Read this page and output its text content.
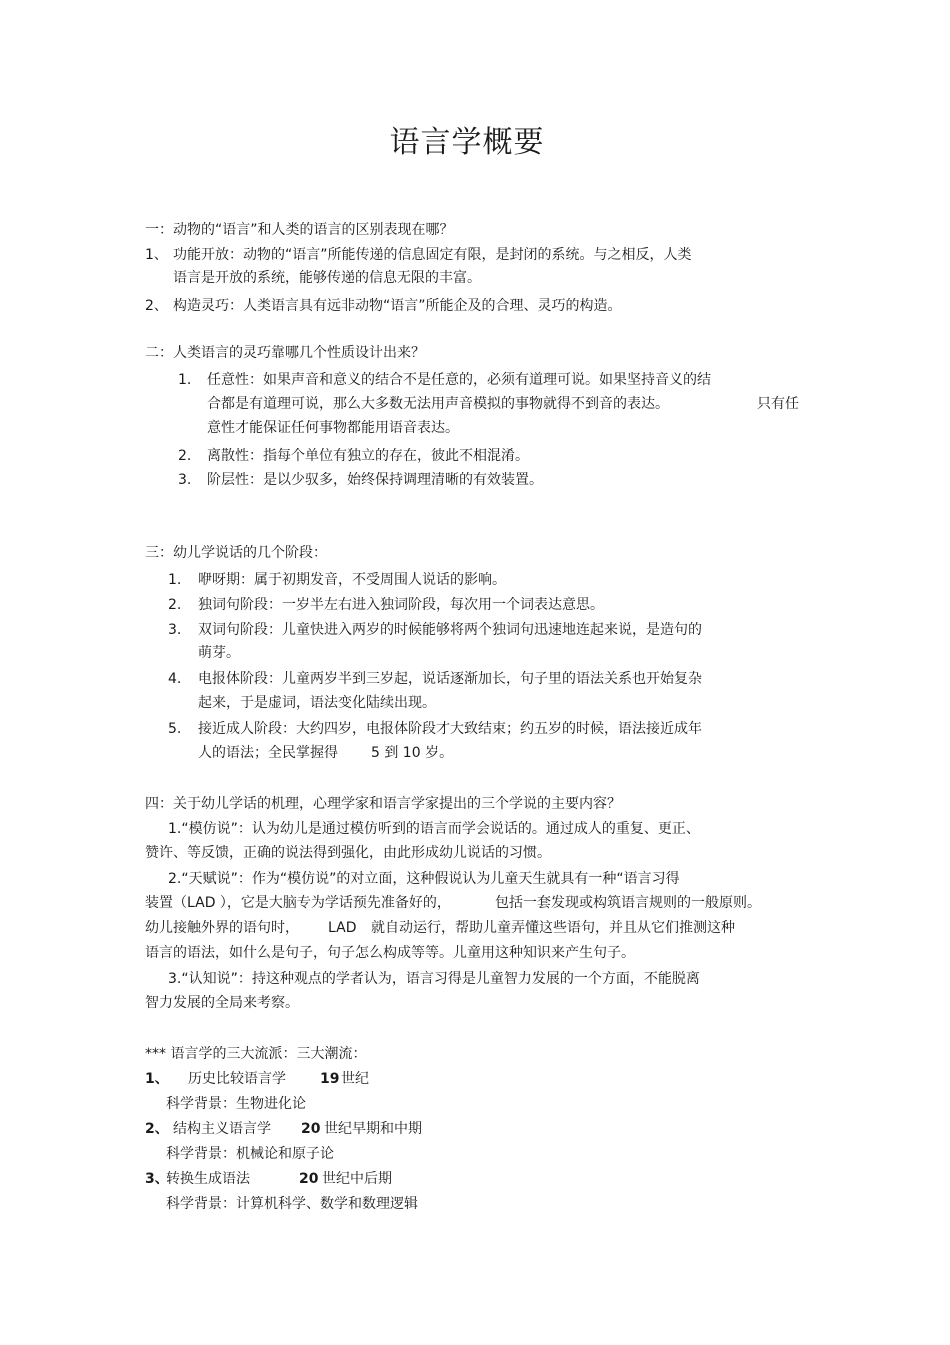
语言学概要
一：动物的“语言”和人类的语言的区别表现在哪？
1、 功能开放：动物的“语言”所能传递的信息固定有限，是封闭的系统。与之相反，人类
语言是开放的系统，能够传递的信息无限的丰富。
2、 构造灵巧：人类语言具有远非动物“语言”所能企及的合理、灵巧的构造。
二：人类语言的灵巧靠哪几个性质设计出来？
1. 任意性：如果声音和意义的结合不是任意的，必须有道理可说。如果坚持音义的结
合都是有道理可说，那么大多数无法用声音模拟的事物就得不到音的表达。	只有任
意性才能保证任何事物都能用语音表达。
2. 离散性：指每个单位有独立的存在，彼此不相混淆。
3. 阶层性：是以少驭多，始终保持调理清晰的有效装置。
三：幼儿学说话的几个阶段：
1. 咿呀期：属于初期发音，不受周围人说话的影响。
2. 独词句阶段：一岁半左右进入独词阶段，每次用一个词表达意思。
3. 双词句阶段：儿童快进入两岁的时候能够将两个独词句迅速地连起来说，是造句的
萌芽。
4. 电报体阶段：儿童两岁半到三岁起，说话逐渐加长，句子里的语法关系也开始复杂
起来，于是虚词，语法变化陆续出现。
5. 接近成人阶段：大约四岁，电报体阶段才大致结束；约五岁的时候，语法接近成年
人的语法；全民掌握得 5 到 10 岁。
四：关于幼儿学话的机理，心理学家和语言学家提出的三个学说的主要内容？
1.“模仿说”：认为幼儿是通过模仿听到的语言而学会说话的。通过成人的重复、更正、
赞许、等反馈，正确的说法得到强化，由此形成幼儿说话的习惯。
2.“天赋说”：作为“模仿说”的对立面，这种假说认为儿童天生就具有一种“语言习得
装置（LAD ），它是大脑专为学话预先准备好的，	包括一套发现或构筑语言规则的一般原则。
幼儿接触外界的语句时， LAD 就自动运行，帮助儿童弄懂这些语句，并且从它们推测这种
语言的语法，如什么是句子，句子怎么构成等等。儿童用这种知识来产生句子。
3.“认知说”：持这种观点的学者认为，语言习得是儿童智力发展的一个方面，不能脱离
智力发展的全局来考察。
*** 语言学的三大流派：三大潮流：
1、 历史比较语言学 19 世纪
科学背景：生物进化论
2、 结构主义语言学 20 世纪早期和中期
科学背景：机械论和原子论
3、
转换生成语法	20 世纪中后期
科学背景：计算机科学、数学和数理逻辑
